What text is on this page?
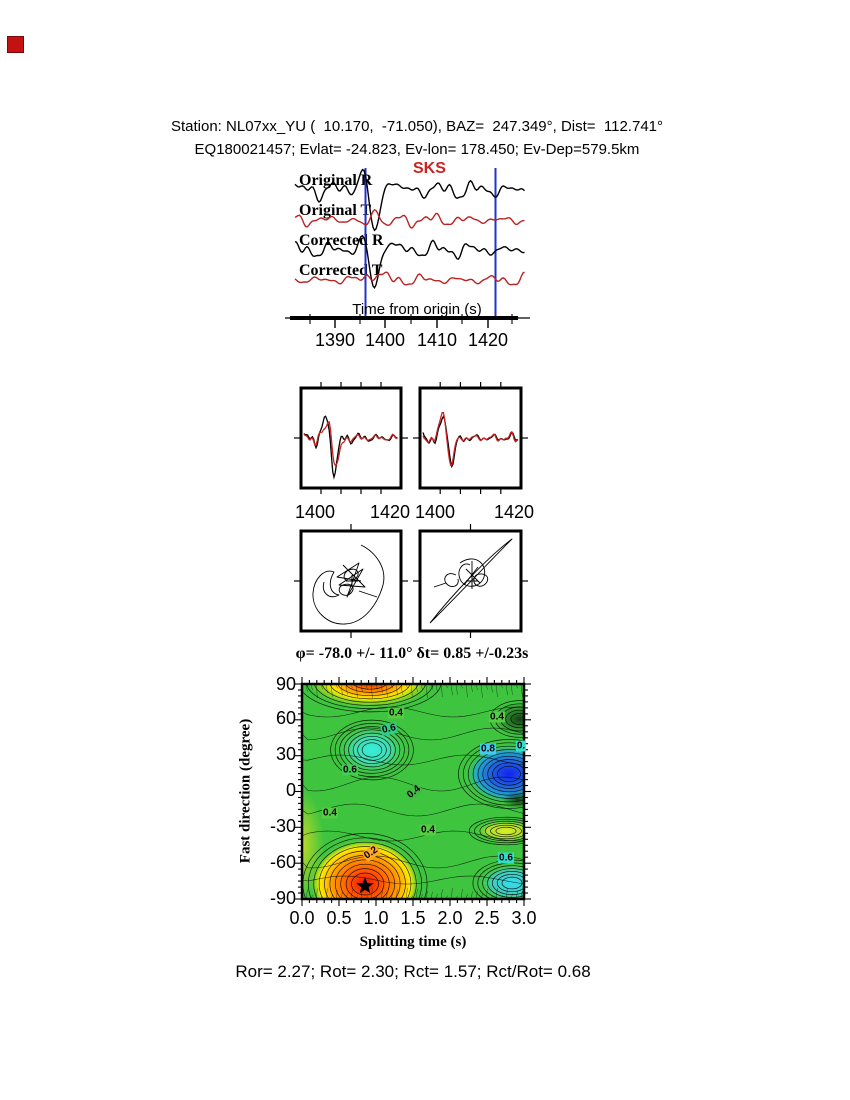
Station: NL07xx_YU (  10.170,  -71.050), BAZ=  247.349°, Dist=  112.741°
EQ180021457; Evlat= -24.823, Ev-lon= 178.450; Ev-Dep=579.5km
SKS
Original R
Original T
Corrected R
Corrected T
Time from origin (s)
1390 1400 1410 1420
1400 1420 1400 1420
φ= -78.0 +/- 11.0° δt= 0.85 +/-0.23s
Fast direction (degree)
90
60
30
0
-30
-60
-90
0.0 0.5 1.0 1.5 2.0 2.5 3.0
0.4
0.6
0.4
0.
0.8
0.6
0.4
0.4
0.4
0.2	0.6
Splitting time (s)
Ror= 2.27; Rot= 2.30; Rct= 1.57; Rct/Rot= 0.68
